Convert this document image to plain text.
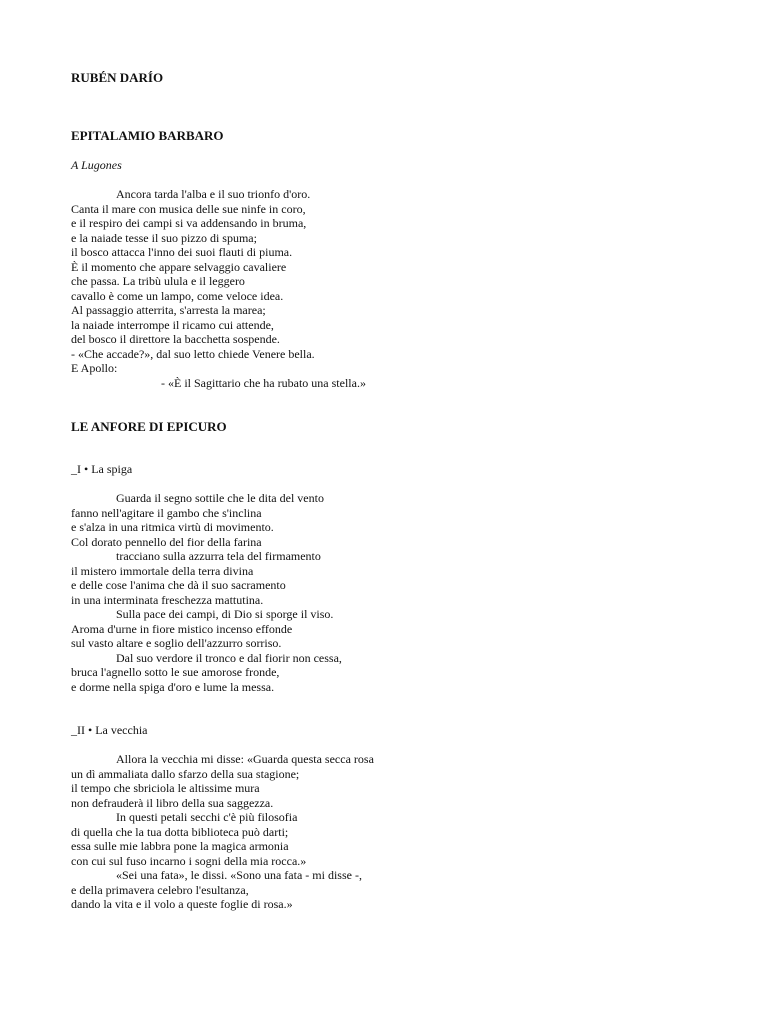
RUBÉN DARÍO
EPITALAMIO BARBARO
A Lugones
Ancora tarda l'alba e il suo trionfo d'oro.
Canta il mare con musica delle sue ninfe in coro,
e il respiro dei campi si va addensando in bruma,
e la naiade tesse il suo pizzo di spuma;
il bosco attacca l'inno dei suoi flauti di piuma.
È il momento che appare selvaggio cavaliere
che passa. La tribù ulula e il leggero
cavallo è come un lampo, come veloce idea.
Al passaggio atterrita, s'arresta la marea;
la naiade interrompe il ricamo cui attende,
del bosco il direttore la bacchetta sospende.
- «Che accade?», dal suo letto chiede Venere bella.
E Apollo:
- «È il Sagittario che ha rubato una stella.»
LE ANFORE DI EPICURO
_I • La spiga
Guarda il segno sottile che le dita del vento
fanno nell'agitare il gambo che s'inclina
e s'alza in una ritmica virtù di movimento.
Col dorato pennello del fior della farina
tracciano sulla azzurra tela del firmamento
il mistero immortale della terra divina
e delle cose l'anima che dà il suo sacramento
in una interminata freschezza mattutina.
Sulla pace dei campi, di Dio si sporge il viso.
Aroma d'urne in fiore mistico incenso effonde
sul vasto altare e soglio dell'azzurro sorriso.
Dal suo verdore il tronco e dal fiorir non cessa,
bruca l'agnello sotto le sue amorose fronde,
e dorme nella spiga d'oro e lume la messa.
_II • La vecchia
Allora la vecchia mi disse: «Guarda questa secca rosa
un dì ammaliata dallo sfarzo della sua stagione;
il tempo che sbriciola le altissime mura
non defrauderà il libro della sua saggezza.
In questi petali secchi c'è più filosofia
di quella che la tua dotta biblioteca può darti;
essa sulle mie labbra pone la magica armonia
con cui sul fuso incarno i sogni della mia rocca.»
«Sei una fata», le dissi. «Sono una fata - mi disse -,
e della primavera celebro l'esultanza,
dando la vita e il volo a queste foglie di rosa.»
